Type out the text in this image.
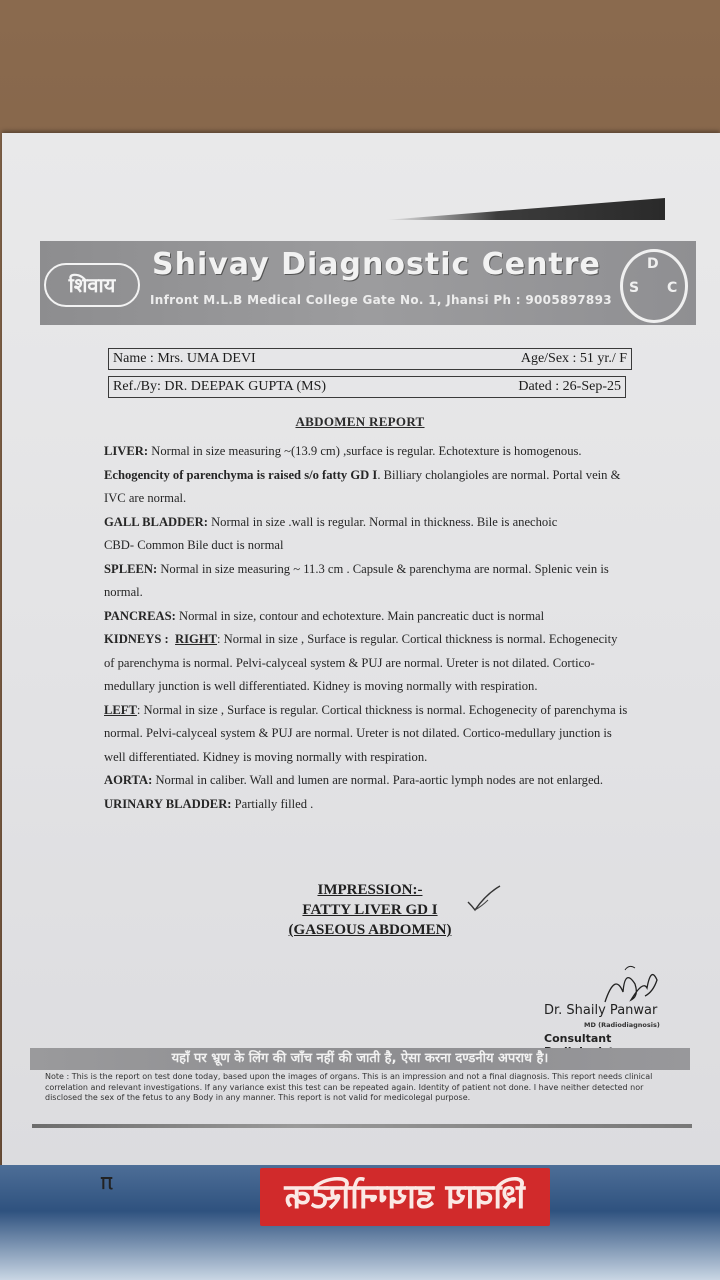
शिवाय
Shivay Diagnostic Centre
Infront M.L.B Medical College Gate No. 1, Jhansi Ph : 9005897893
D
S C
Name : Mrs. UMA DEVI	Age/Sex : 51 yr./ F
Ref./By: DR. DEEPAK GUPTA (MS)	Dated : 26-Sep-25
ABDOMEN REPORT

LIVER: Normal in size measuring ~(13.9 cm) ,surface is regular. Echotexture is homogenous. Echogencity of parenchyma is raised s/o fatty GD I. Billiary cholangioles are normal. Portal vein & IVC are normal.

GALL BLADDER: Normal in size .wall is regular. Normal in thickness. Bile is anechoic

CBD- Common Bile duct is normal

SPLEEN: Normal in size measuring ~ 11.3 cm . Capsule & parenchyma are normal. Splenic vein is normal.

PANCREAS: Normal in size, contour and echotexture. Main pancreatic duct is normal

KIDNEYS : RIGHT: Normal in size , Surface is regular. Cortical thickness is normal. Echogenecity of parenchyma is normal. Pelvi-calyceal system & PUJ are normal. Ureter is not dilated. Cortico-medullary junction is well differentiated. Kidney is moving normally with respiration.

LEFT: Normal in size , Surface is regular. Cortical thickness is normal. Echogenecity of parenchyma is normal. Pelvi-calyceal system & PUJ are normal. Ureter is not dilated. Cortico-medullary junction is well differentiated. Kidney is moving normally with respiration.

AORTA: Normal in caliber. Wall and lumen are normal. Para-aortic lymph nodes are not enlarged.

URINARY BLADDER: Partially filled .

IMPRESSION:-
FATTY LIVER GD I
(GASEOUS ABDOMEN)
Dr. Shaily Panwar
MD (Radiodiagnosis)
Consultant
यहाँ पर भ्रूण के लिंग की जाँच नहीं की जाती है, ऐसा करना दण्डनीय अपराध है।
Note : This is the report on test done today, based upon the images of organs. This is an impression and not a final diagnosis. This report needs clinical correlation and relevant investigations. If any variance exist this test can be repeated again. Identity of patient not done. I have neither detected nor disclosed the sex of the fetus to any Body in any manner. This report is not valid for medicolegal purpose.
π	शिवाय डायग्नोस्टिक
